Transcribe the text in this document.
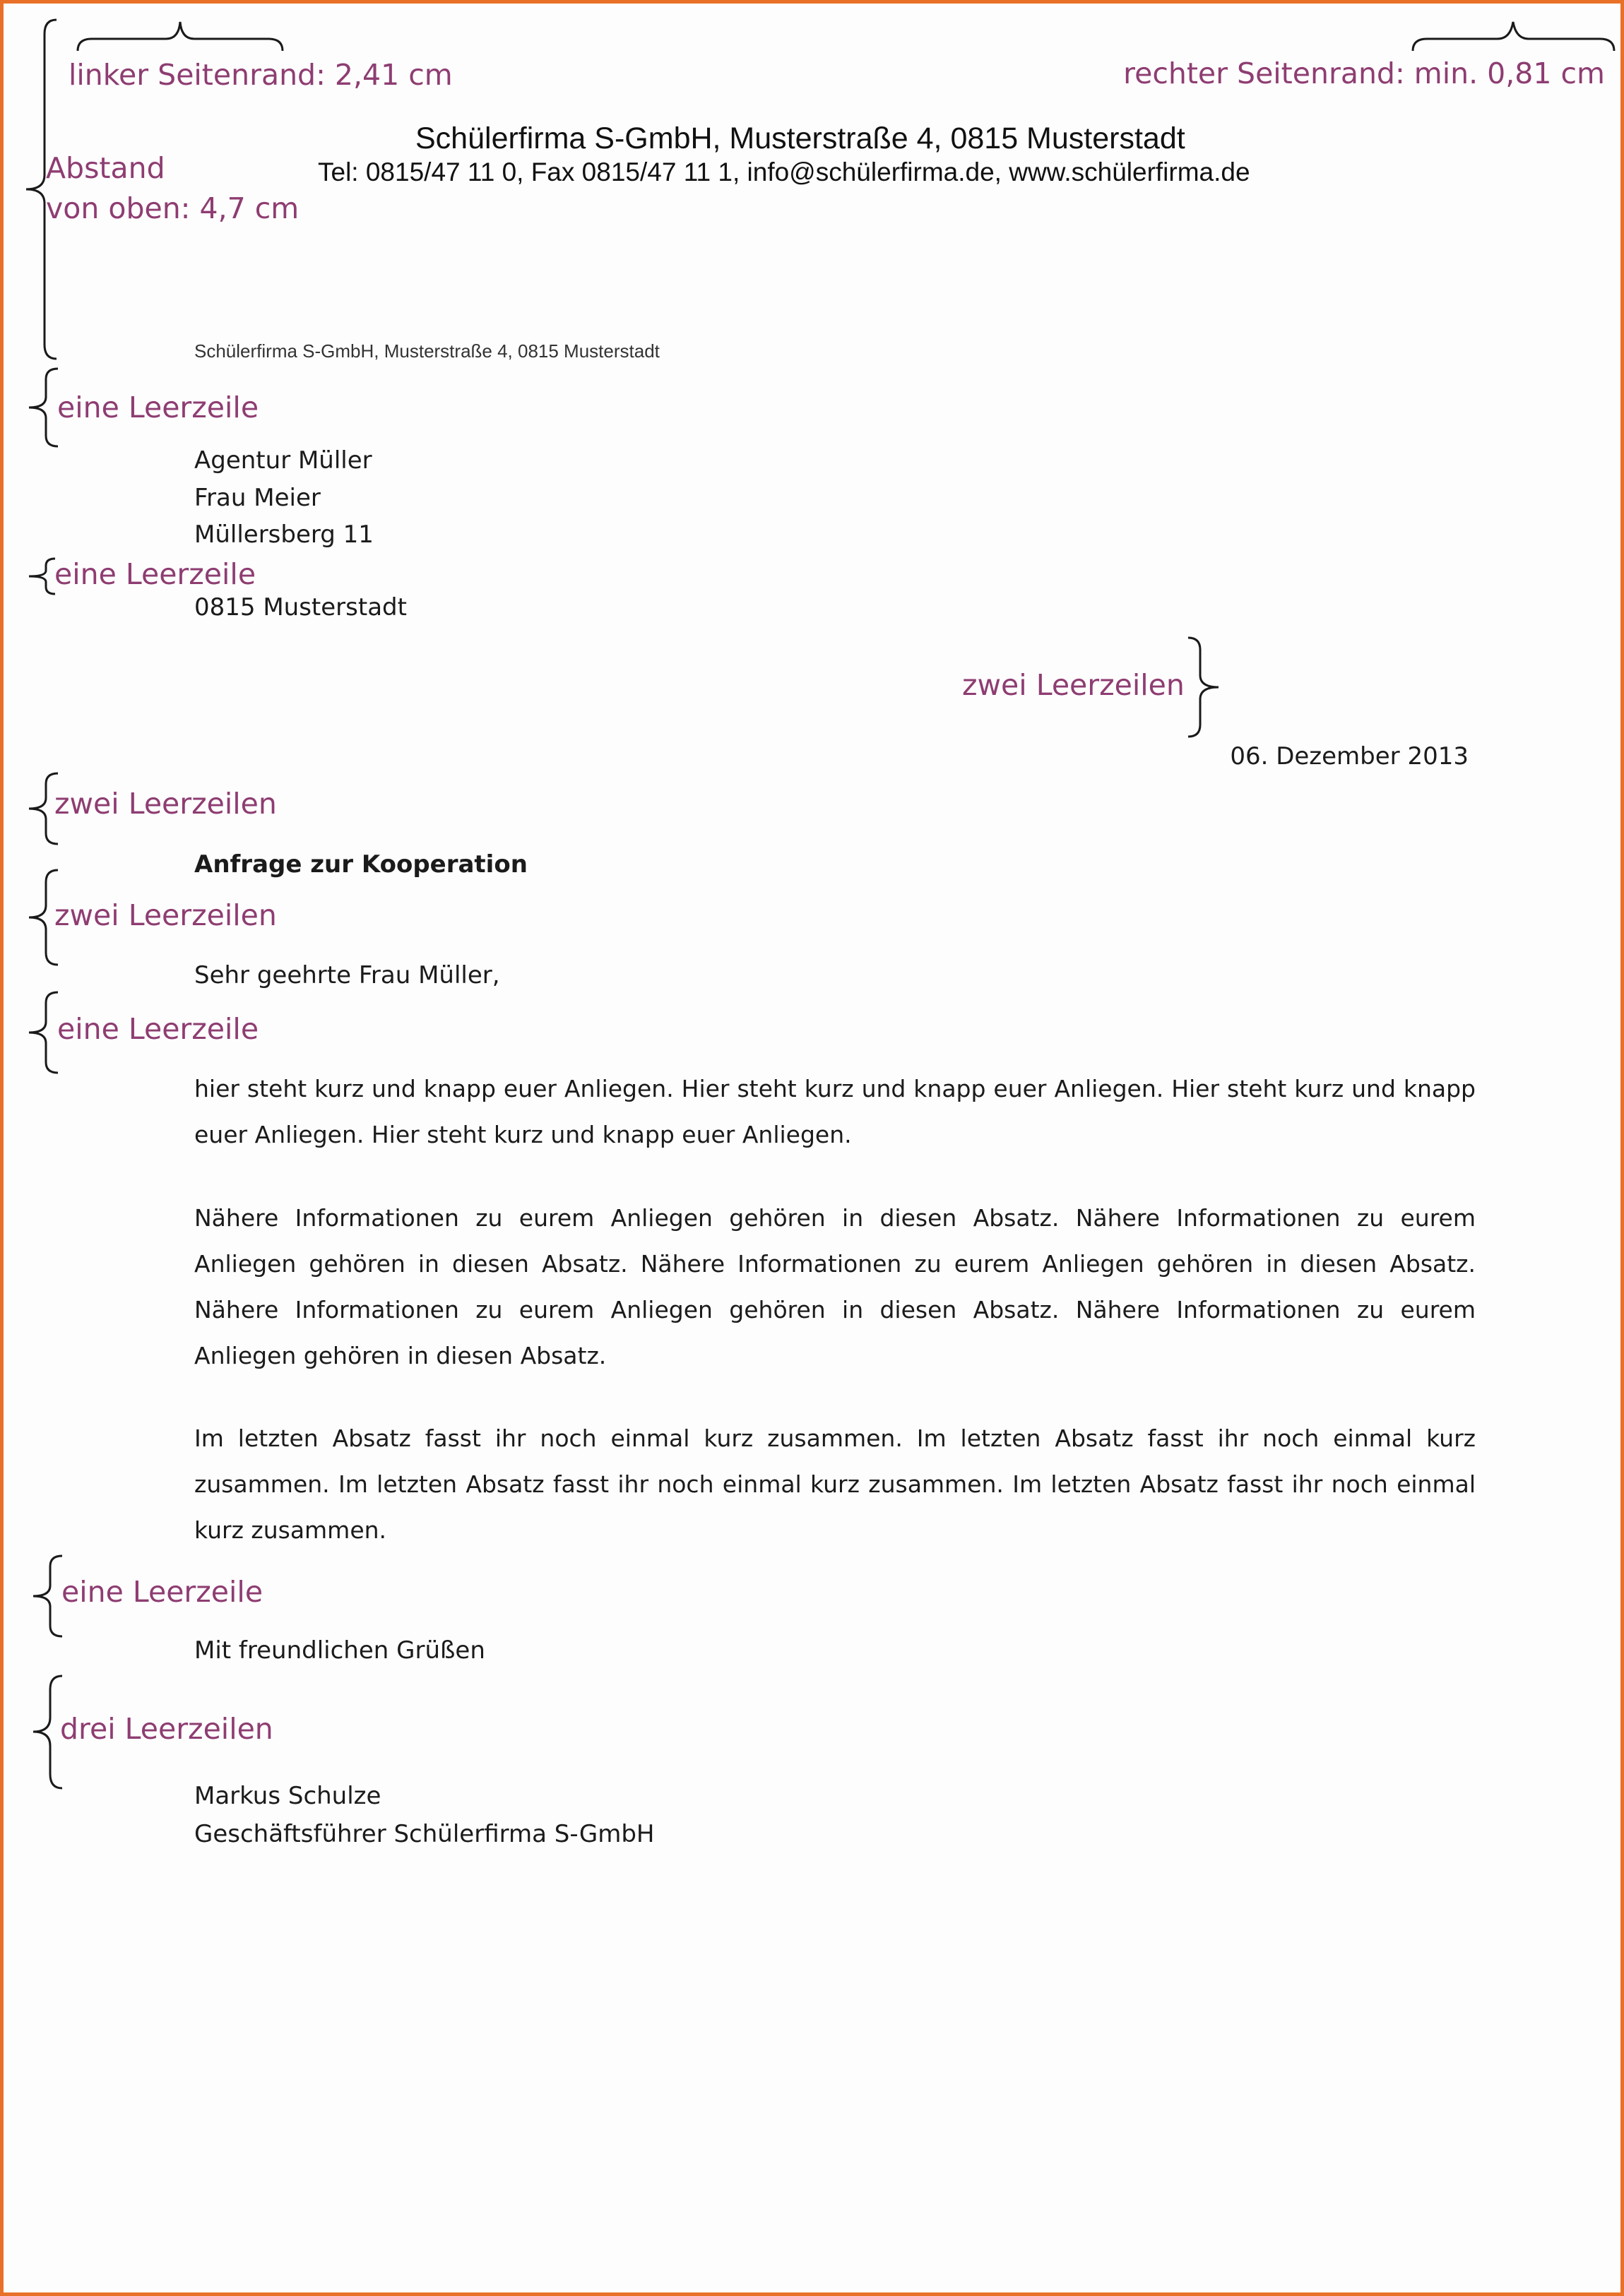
linker Seitenrand: 2,41 cm	rechter Seitenrand: min. 0,81 cm
Abstand
von oben: 4,7 cm
Schülerfirma S-GmbH, Musterstraße 4, 0815 Musterstadt
Tel: 0815/47 11 0, Fax 0815/47 11 1, info@schülerfirma.de, www.schülerfirma.de
Schülerfirma S-GmbH, Musterstraße 4, 0815 Musterstadt
eine Leerzeile
Agentur Müller
Frau Meier
Müllersberg 11
eine Leerzeile
0815 Musterstadt
zwei Leerzeilen
06. Dezember 2013
zwei Leerzeilen
Anfrage zur Kooperation
zwei Leerzeilen
Sehr geehrte Frau Müller,
eine Leerzeile
hier steht kurz und knapp euer Anliegen. Hier steht kurz und knapp euer Anliegen. Hier steht kurz und knapp euer Anliegen. Hier steht kurz und knapp euer Anliegen.
Nähere Informationen zu eurem Anliegen gehören in diesen Absatz. Nähere Informationen zu eurem Anliegen gehören in diesen Absatz. Nähere Informationen zu eurem Anliegen gehören in diesen Absatz. Nähere Informationen zu eurem Anliegen gehören in diesen Absatz. Nähere Informationen zu eurem Anliegen gehören in diesen Absatz.
Im letzten Absatz fasst ihr noch einmal kurz zusammen. Im letzten Absatz fasst ihr noch einmal kurz zusammen. Im letzten Absatz fasst ihr noch einmal kurz zusammen. Im letzten Absatz fasst ihr noch einmal kurz zusammen.
eine Leerzeile
Mit freundlichen Grüßen
drei Leerzeilen
Markus Schulze
Geschäftsführer Schülerfirma S-GmbH
